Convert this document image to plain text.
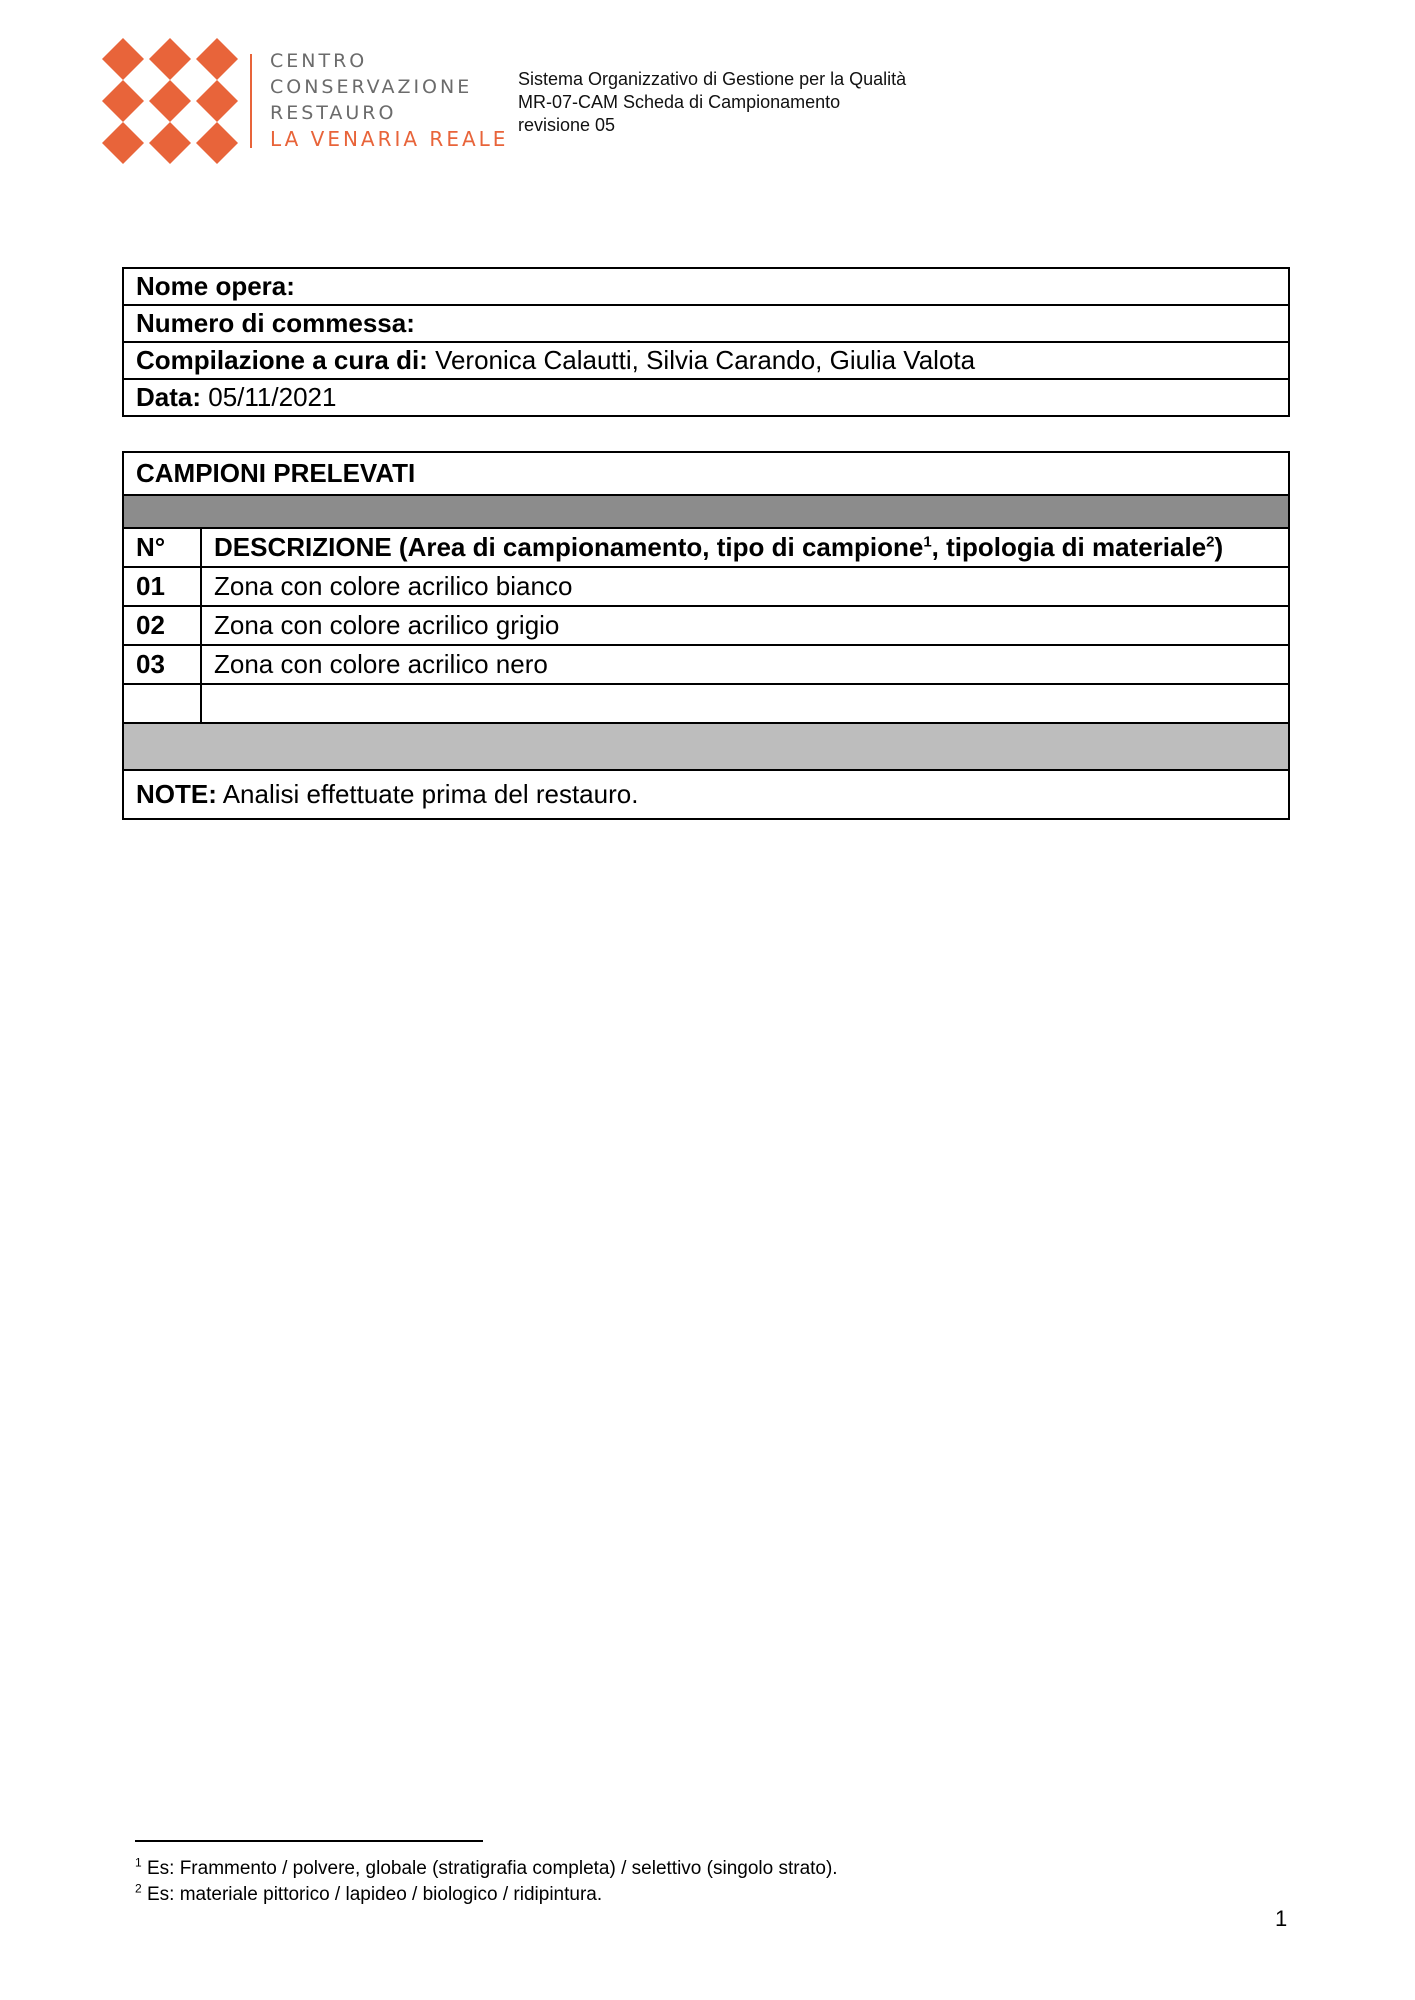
CENTRO
CONSERVAZIONE
RESTAURO
LA VENARIA REALE
Sistema Organizzativo di Gestione per la Qualità
MR-07-CAM Scheda di Campionamento
revisione 05
Nome opera:
Numero di commessa:
Compilazione a cura di: Veronica Calautti, Silvia Carando, Giulia Valota
Data: 05/11/2021
CAMPIONI PRELEVATI	

N°	DESCRIZIONE (Area di campionamento, tipo di campione$^1$, tipologia di materiale$^2$)
01	Zona con colore acrilico bianco
02	Zona con colore acrilico grigio
03	Zona con colore acrilico nero

NOTE: Analisi effettuate prima del restauro.	
$^1$ Es: Frammento / polvere, globale (stratigrafia completa) / selettivo (singolo strato).
$^2$ Es: materiale pittorico / lapideo / biologico / ridipintura.
1
